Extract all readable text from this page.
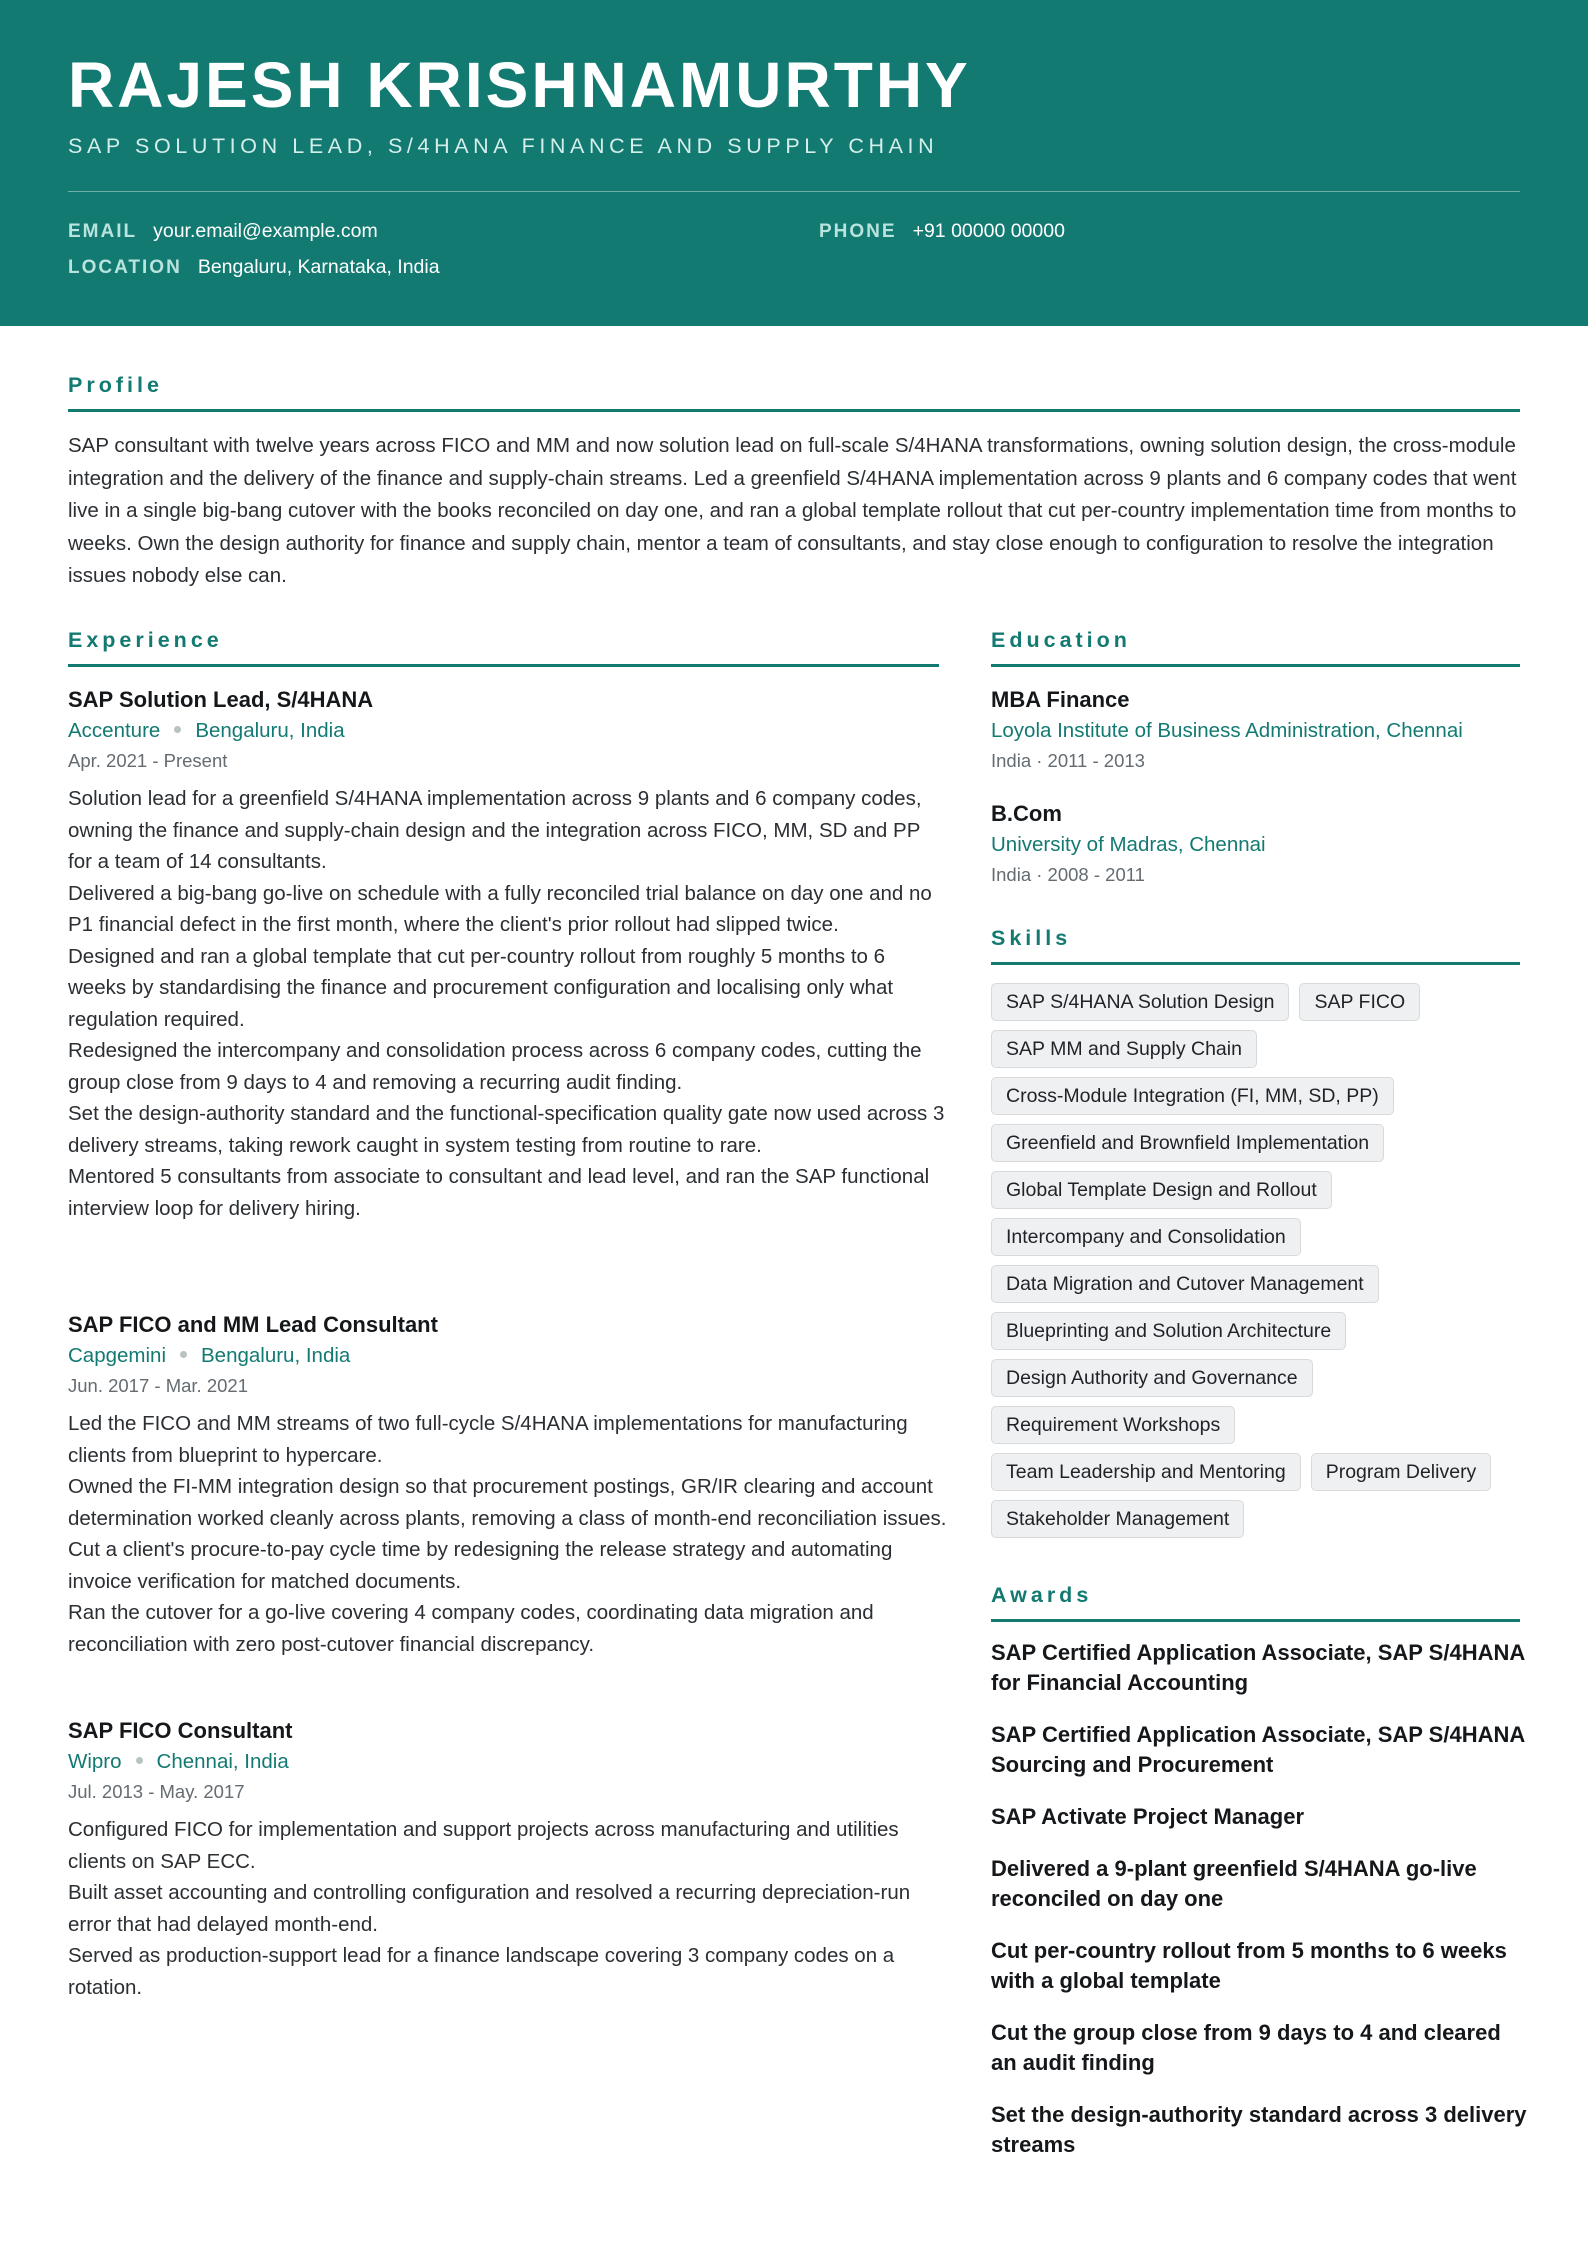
RAJESH KRISHNAMURTHY
SAP SOLUTION LEAD, S/4HANA FINANCE AND SUPPLY CHAIN
EMAIL your.email@example.com	PHONE +91 00000 00000
LOCATION Bengaluru, Karnataka, India
Profile
SAP consultant with twelve years across FICO and MM and now solution lead on full-scale S/4HANA transformations, owning solution design, the cross-module integration and the delivery of the finance and supply-chain streams. Led a greenfield S/4HANA implementation across 9 plants and 6 company codes that went live in a single big-bang cutover with the books reconciled on day one, and ran a global template rollout that cut per-country implementation time from months to weeks. Own the design authority for finance and supply chain, mentor a team of consultants, and stay close enough to configuration to resolve the integration issues nobody else can.
Experience
SAP Solution Lead, S/4HANA
Accenture Bengaluru, India
Apr. 2021 - Present
Solution lead for a greenfield S/4HANA implementation across 9 plants and 6 company codes, owning the finance and supply-chain design and the integration across FICO, MM, SD and PP for a team of 14 consultants.
Delivered a big-bang go-live on schedule with a fully reconciled trial balance on day one and no P1 financial defect in the first month, where the client's prior rollout had slipped twice.
Designed and ran a global template that cut per-country rollout from roughly 5 months to 6 weeks by standardising the finance and procurement configuration and localising only what regulation required.
Redesigned the intercompany and consolidation process across 6 company codes, cutting the group close from 9 days to 4 and removing a recurring audit finding.
Set the design-authority standard and the functional-specification quality gate now used across 3 delivery streams, taking rework caught in system testing from routine to rare.
Mentored 5 consultants from associate to consultant and lead level, and ran the SAP functional interview loop for delivery hiring.
SAP FICO and MM Lead Consultant
Capgemini Bengaluru, India
Jun. 2017 - Mar. 2021
Led the FICO and MM streams of two full-cycle S/4HANA implementations for manufacturing clients from blueprint to hypercare.
Owned the FI-MM integration design so that procurement postings, GR/IR clearing and account determination worked cleanly across plants, removing a class of month-end reconciliation issues.
Cut a client's procure-to-pay cycle time by redesigning the release strategy and automating invoice verification for matched documents.
Ran the cutover for a go-live covering 4 company codes, coordinating data migration and reconciliation with zero post-cutover financial discrepancy.
SAP FICO Consultant
Wipro Chennai, India
Jul. 2013 - May. 2017
Configured FICO for implementation and support projects across manufacturing and utilities clients on SAP ECC.
Built asset accounting and controlling configuration and resolved a recurring depreciation-run error that had delayed month-end.
Served as production-support lead for a finance landscape covering 3 company codes on a rotation.
Education
MBA Finance
Loyola Institute of Business Administration, Chennai
India · 2011 - 2013
B.Com
University of Madras, Chennai
India · 2008 - 2011
Skills
SAP S/4HANA Solution Design	SAP FICO
SAP MM and Supply Chain
Cross-Module Integration (FI, MM, SD, PP)
Greenfield and Brownfield Implementation
Global Template Design and Rollout
Intercompany and Consolidation
Data Migration and Cutover Management
Blueprinting and Solution Architecture
Design Authority and Governance
Requirement Workshops
Team Leadership and Mentoring	Program Delivery
Stakeholder Management
Awards
SAP Certified Application Associate, SAP S/4HANA for Financial Accounting
SAP Certified Application Associate, SAP S/4HANA Sourcing and Procurement
SAP Activate Project Manager
Delivered a 9-plant greenfield S/4HANA go-live reconciled on day one
Cut per-country rollout from 5 months to 6 weeks with a global template
Cut the group close from 9 days to 4 and cleared an audit finding
Set the design-authority standard across 3 delivery streams
